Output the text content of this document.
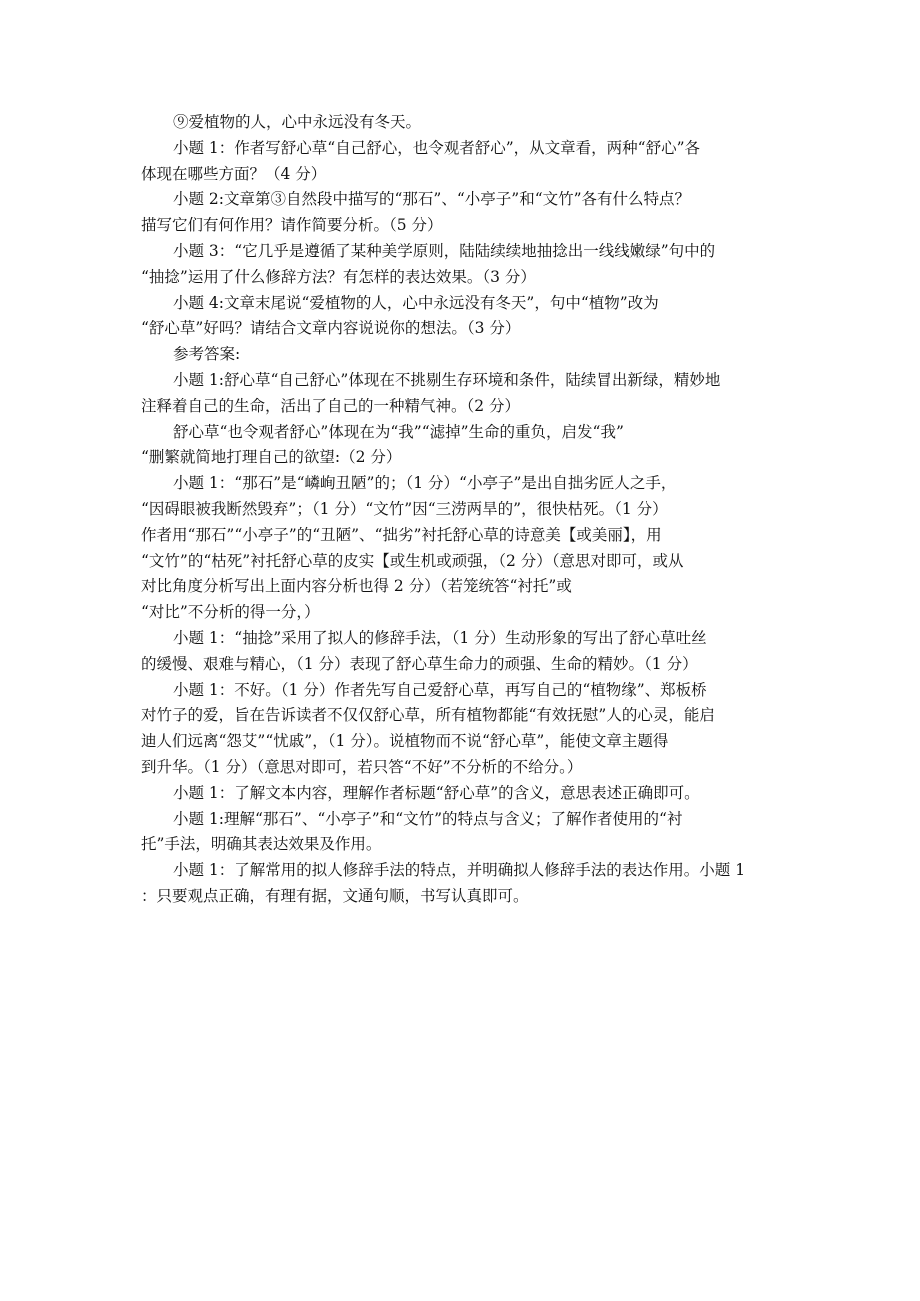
⑨爱植物的人，心中永远没有冬天。
小题 1：作者写舒心草“自己舒心，也令观者舒心”，从文章看，两种“舒心”各
体现在哪些方面？（4 分）
小题 2:文章第③自然段中描写的“那石”、“小亭子”和“文竹”各有什么特点？
描写它们有何作用？请作简要分析。（5 分）
小题 3：“它几乎是遵循了某种美学原则，陆陆续续地抽捻出一线线嫩绿”句中的
“抽捻”运用了什么修辞方法？有怎样的表达效果。（3 分）
小题 4:文章末尾说“爱植物的人，心中永远没有冬天”，句中“植物”改为
“舒心草”好吗？请结合文章内容说说你的想法。（3 分）
参考答案:
小题 1:舒心草“自己舒心”体现在不挑剔生存环境和条件，陆续冒出新绿，精妙地
注释着自己的生命，活出了自己的一种精气神。（2 分）
舒心草“也令观者舒心”体现在为“我”“滤掉”生命的重负，启发“我”
“删繁就简地打理自己的欲望:（2 分）
小题 1：“那石”是“嶙峋丑陋”的；（1 分）“小亭子”是出自拙劣匠人之手，
“因碍眼被我断然毁弃”；（1 分）“文竹”因“三涝两旱的”，很快枯死。（1 分）
作者用“那石”“小亭子”的“丑陋”、“拙劣”衬托舒心草的诗意美【或美丽】，用
“文竹”的“枯死”衬托舒心草的皮实【或生机或顽强，（2 分）（意思对即可，或从
对比角度分析写出上面内容分析也得 2 分）（若笼统答“衬托”或
“对比”不分析的得一分，）
小题 1：“抽捻”采用了拟人的修辞手法，（1 分）生动形象的写出了舒心草吐丝
的缓慢、艰难与精心，（1 分）表现了舒心草生命力的顽强、生命的精妙。（1 分）
小题 1：不好。（1 分）作者先写自己爱舒心草，再写自己的“植物缘”、郑板桥
对竹子的爱，旨在告诉读者不仅仅舒心草，所有植物都能“有效抚慰”人的心灵，能启
迪人们远离“怨艾”“忧戚”，（1 分）。说植物而不说“舒心草”，能使文章主题得
到升华。（1 分）（意思对即可，若只答“不好”不分析的不给分。）
小题 1：了解文本内容，理解作者标题“舒心草”的含义，意思表述正确即可。
小题 1:理解“那石”、“小亭子”和“文竹”的特点与含义；了解作者使用的“衬
托”手法，明确其表达效果及作用。
小题 1：了解常用的拟人修辞手法的特点，并明确拟人修辞手法的表达作用。小题 1
：只要观点正确，有理有据，文通句顺，书写认真即可。
